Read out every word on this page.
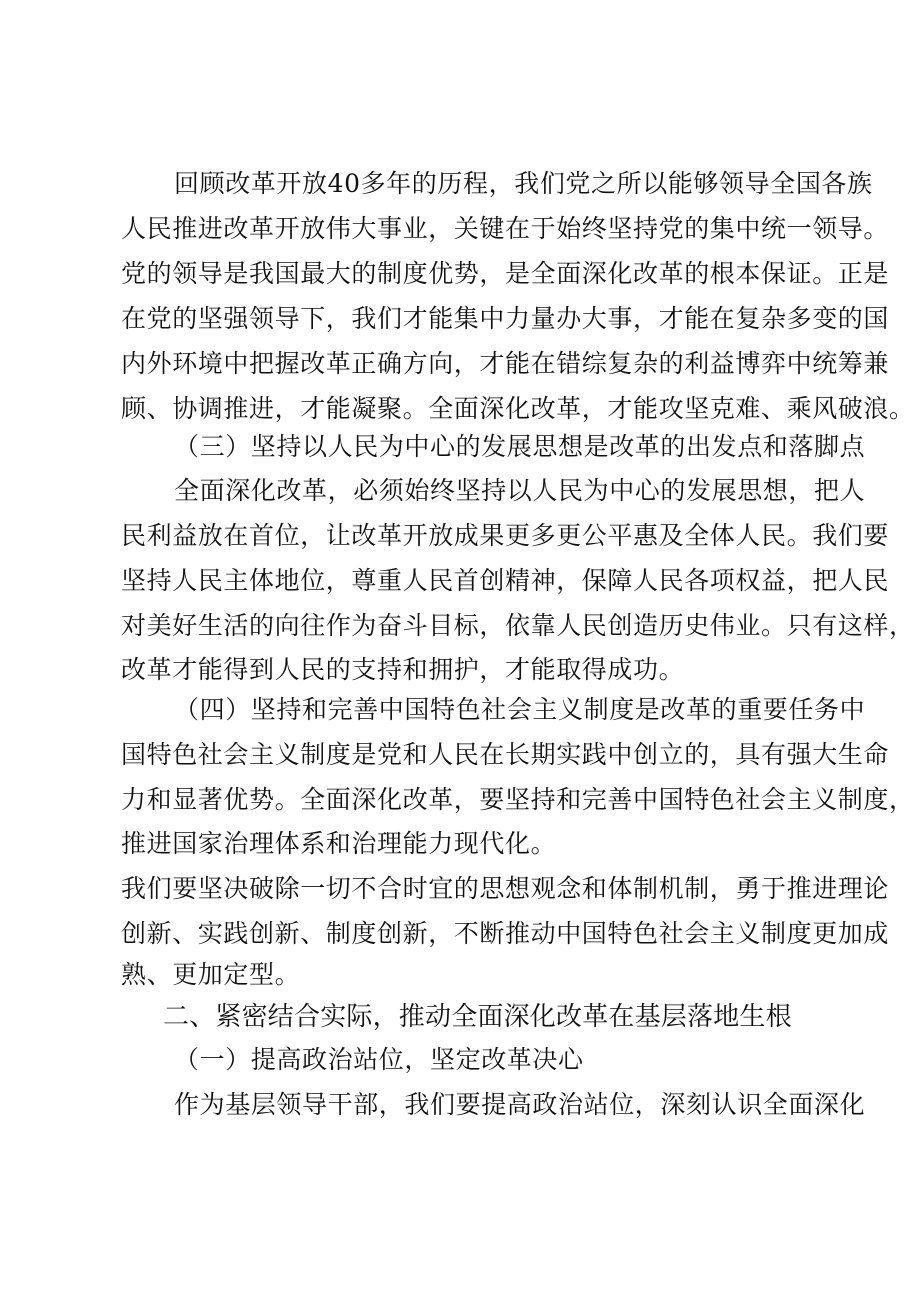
回顾改革开放40多年的历程，我们党之所以能够领导全国各族
人民推进改革开放伟大事业，关键在于始终坚持党的集中统一领导。
党的领导是我国最大的制度优势，是全面深化改革的根本保证。正是
在党的坚强领导下，我们才能集中力量办大事，才能在复杂多变的国
内外环境中把握改革正确方向，才能在错综复杂的利益博弈中统筹兼
顾、协调推进，才能凝聚。全面深化改革，才能攻坚克难、乘风破浪。
（三）坚持以人民为中心的发展思想是改革的出发点和落脚点
全面深化改革，必须始终坚持以人民为中心的发展思想，把人
民利益放在首位，让改革开放成果更多更公平惠及全体人民。我们要
坚持人民主体地位，尊重人民首创精神，保障人民各项权益，把人民
对美好生活的向往作为奋斗目标，依靠人民创造历史伟业。只有这样，
改革才能得到人民的支持和拥护，才能取得成功。
（四）坚持和完善中国特色社会主义制度是改革的重要任务中
国特色社会主义制度是党和人民在长期实践中创立的，具有强大生命
力和显著优势。全面深化改革，要坚持和完善中国特色社会主义制度，
推进国家治理体系和治理能力现代化。
我们要坚决破除一切不合时宜的思想观念和体制机制，勇于推进理论
创新、实践创新、制度创新，不断推动中国特色社会主义制度更加成
熟、更加定型。
二、紧密结合实际，推动全面深化改革在基层落地生根
（一）提高政治站位，坚定改革决心
作为基层领导干部，我们要提高政治站位，深刻认识全面深化
